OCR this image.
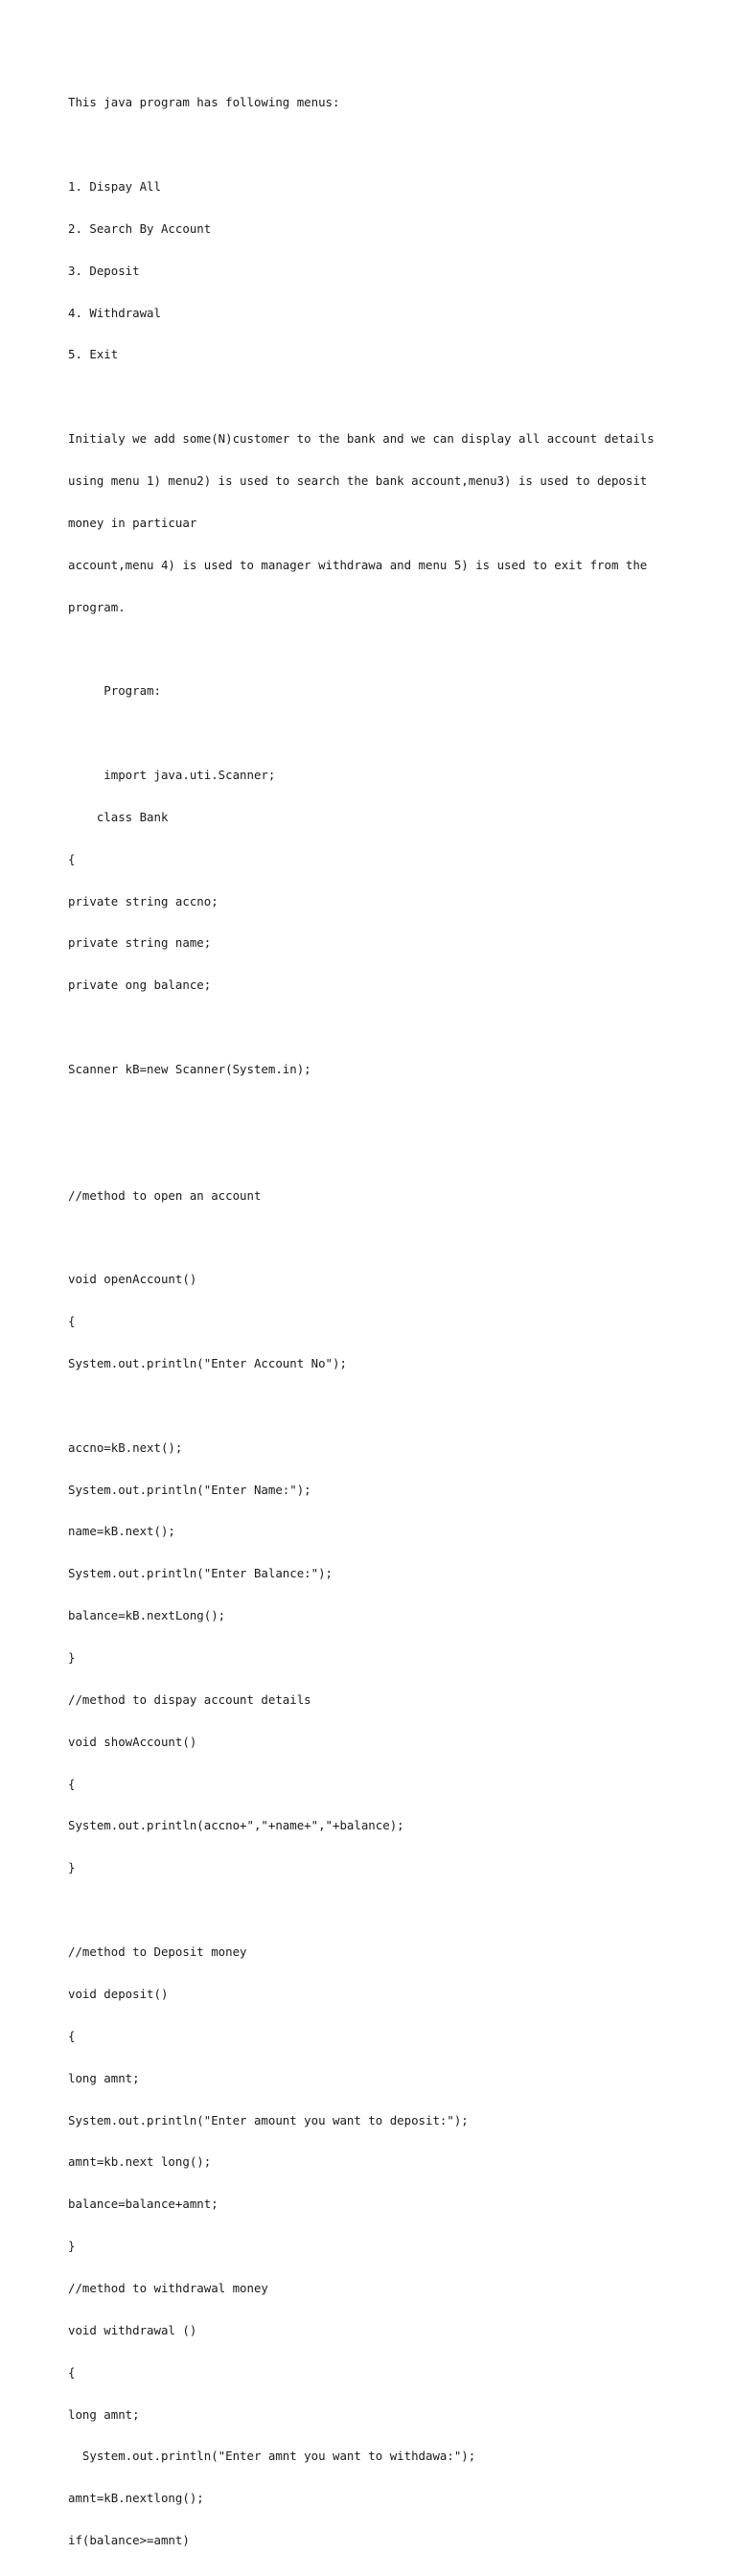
This java program has following menus:

1. Dispay All

2. Search By Account

3. Deposit

4. Withdrawal

5. Exit

Initialy we add some(N)customer to the bank and we can display all account details

using menu 1) menu2) is used to search the bank account,menu3) is used to deposit

money in particuar

account,menu 4) is used to manager withdrawa and menu 5) is used to exit from the

program.

Program:

import java.uti.Scanner;

class Bank

{

private string accno;

private string name;

private ong balance;

Scanner kB=new Scanner(System.in);

//method to open an account

void openAccount()

{

System.out.println("Enter Account No");

accno=kB.next();

System.out.println("Enter Name:");

name=kB.next();

System.out.println("Enter Balance:");

balance=kB.nextLong();

}

//method to dispay account details

void showAccount()

{

System.out.println(accno+","+name+","+balance);

}

//method to Deposit money

void deposit()

{

long amnt;

System.out.println("Enter amount you want to deposit:");

amnt=kb.next long();

balance=balance+amnt;

}

//method to withdrawal money

void withdrawal ()

{

long amnt;

System.out.println("Enter amnt you want to withdawa:");

amnt=kB.nextlong();

if(balance>=amnt)
